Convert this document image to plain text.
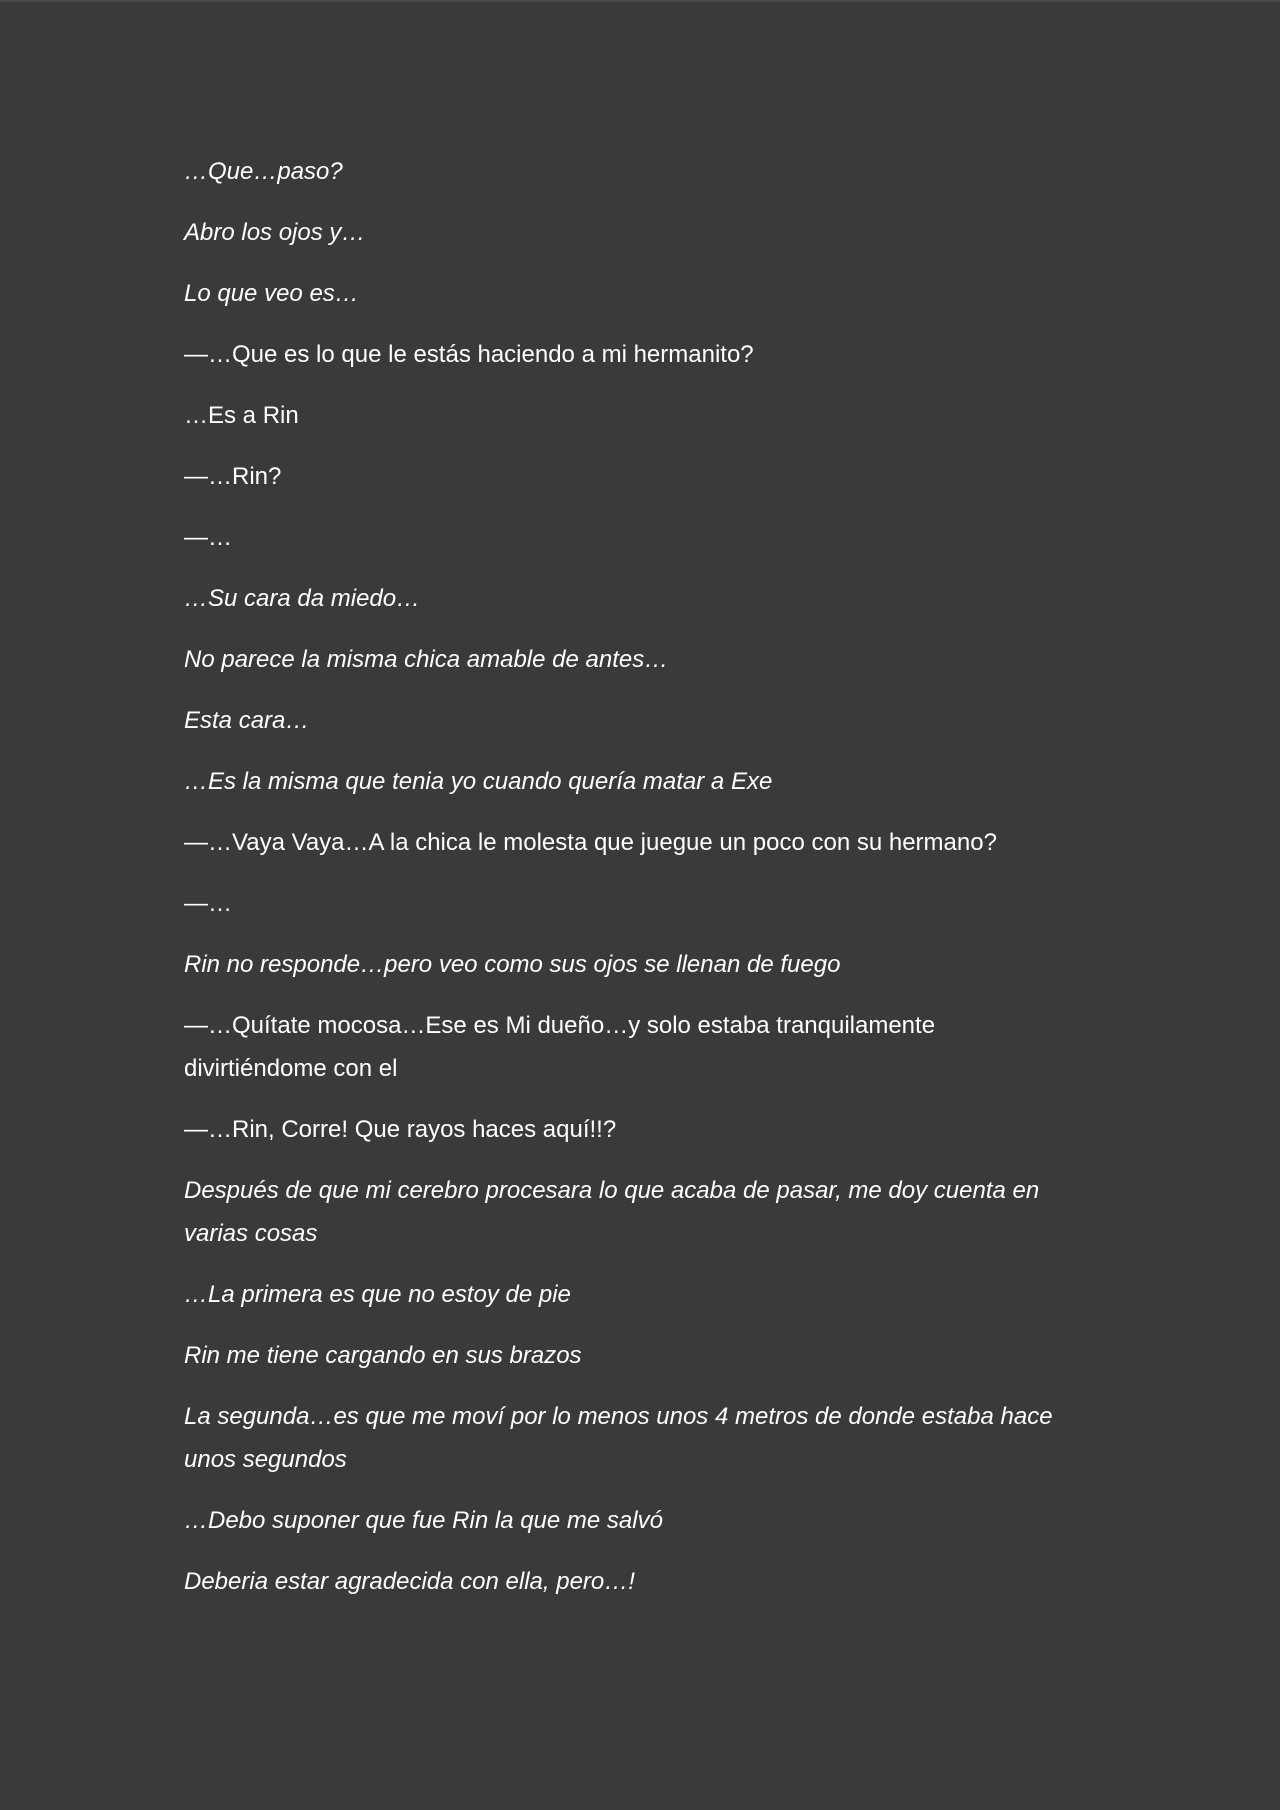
…Que…paso?

Abro los ojos y…

Lo que veo es…

—…Que es lo que le estás haciendo a mi hermanito?

…Es a Rin

—…Rin?

—…

…Su cara da miedo…

No parece la misma chica amable de antes…

Esta cara…

…Es la misma que tenia yo cuando quería matar a Exe

—…Vaya Vaya…A la chica le molesta que juegue un poco con su hermano?

—…

Rin no responde…pero veo como sus ojos se llenan de fuego

—…Quítate mocosa…Ese es Mi dueño…y solo estaba tranquilamente divirtiéndome con el

—…Rin, Corre! Que rayos haces aquí!!?

Después de que mi cerebro procesara lo que acaba de pasar, me doy cuenta en varias cosas

…La primera es que no estoy de pie

Rin me tiene cargando en sus brazos

La segunda…es que me moví por lo menos unos 4 metros de donde estaba hace unos segundos

…Debo suponer que fue Rin la que me salvó

Deberia estar agradecida con ella, pero…!
